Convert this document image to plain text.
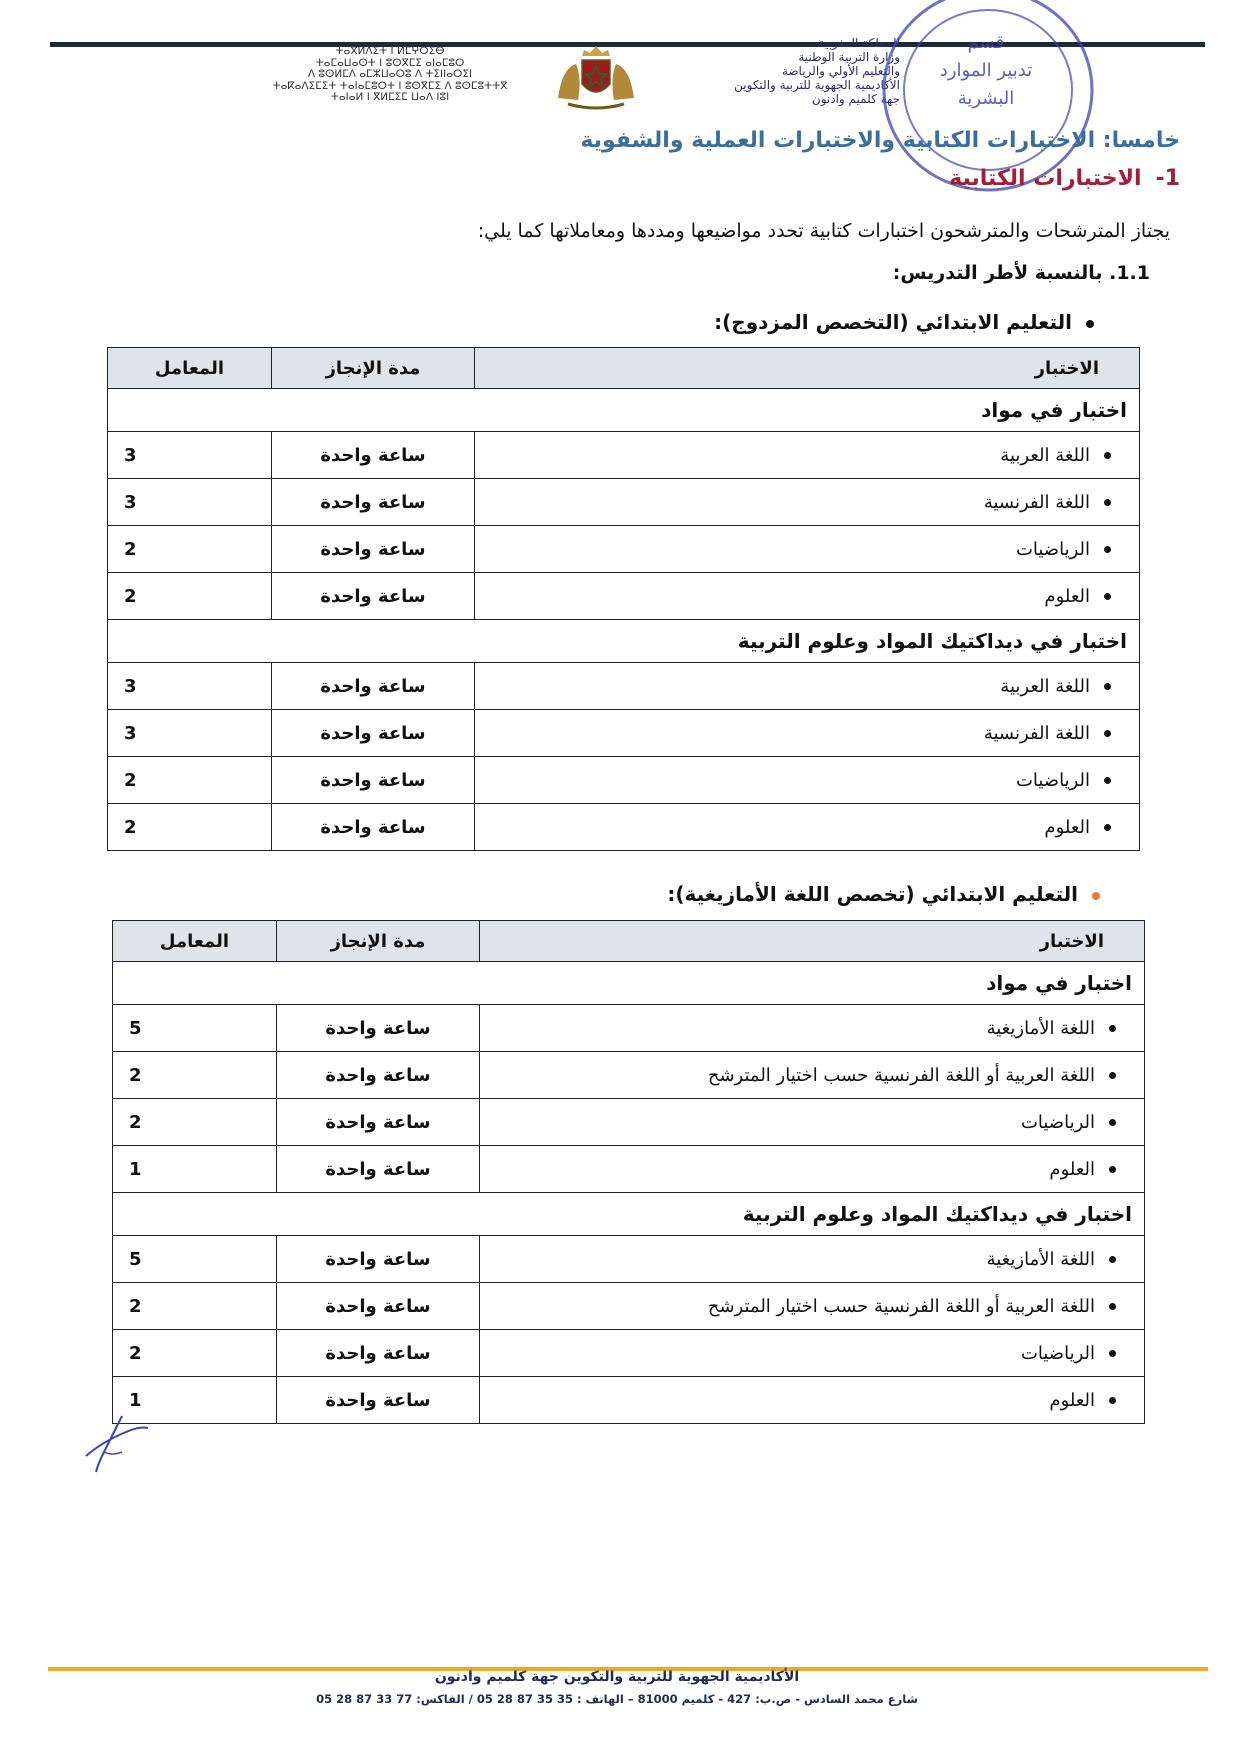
ⵜⴰⴳⵍⴷⵉⵜ ⵏ ⵍⵎⵖⵔⵉⴱ
ⵜⴰⵎⴰⵡⴰⵙⵜ ⵏ ⵓⵙⴳⵎⵉ ⴰⵏⴰⵎⵓⵔ
ⴷ ⵓⵙⵍⵎⴷ ⴰⵎⵣⵡⴰⵔⵓ ⴷ ⵜⵉⵏⵏⴰⵔⵉⵏ
ⵜⴰⴽⴰⴷⵉⵎⵉⵜ ⵜⴰⵏⴰⵎⵓⵔⵜ ⵏ ⵓⵙⴳⵎⵉ ⴷ ⵓⵙⵎⵓⵜⵜⴳ
ⵜⴰⵏⴰⵍ ⵏ ⴳⵍⵎⵉⵎ ⵡⴰⴷ ⵏⵓⵏ
المملكة المغربية
وزارة التربية الوطنية
والتعليم الأولي والرياضة
الأكاديمية الجهوية للتربية والتكوين
جهة كلميم وادنون
قسم
تدبير الموارد
البشرية
خامسا: الاختبارات الكتابية والاختبارات العملية والشفوية
1-الاختبارات الكتابية
يجتاز المترشحات والمترشحون اختبارات كتابية تحدد مواضيعها ومددها ومعاملاتها كما يلي:
1.1. بالنسبة لأطر التدريس:
التعليم الابتدائي (التخصص المزدوج):
الاختبار	مدة الإنجاز	المعامل
اختبار في مواد		
اللغة العربية	ساعة واحدة	3
اللغة الفرنسية	ساعة واحدة	3
الرياضيات	ساعة واحدة	2
العلوم	ساعة واحدة	2
اختبار في ديداكتيك المواد وعلوم التربية		
اللغة العربية	ساعة واحدة	3
اللغة الفرنسية	ساعة واحدة	3
الرياضيات	ساعة واحدة	2
العلوم	ساعة واحدة	2
التعليم الابتدائي (تخصص اللغة الأمازيغية):
الاختبار	مدة الإنجاز	المعامل
اختبار في مواد		
اللغة الأمازيغية	ساعة واحدة	5
اللغة العربية أو اللغة الفرنسية حسب اختيار المترشح	ساعة واحدة	2
الرياضيات	ساعة واحدة	2
العلوم	ساعة واحدة	1
اختبار في ديداكتيك المواد وعلوم التربية		
اللغة الأمازيغية	ساعة واحدة	5
اللغة العربية أو اللغة الفرنسية حسب اختيار المترشح	ساعة واحدة	2
الرياضيات	ساعة واحدة	2
العلوم	ساعة واحدة	1
الأكاديمية الجهوية للتربية والتكوين جهة كلميم وادنون
شارع محمد السادس - ص.ب: 427 - كلميم 81000 – الهاتف : 35 35 87 28 05 / الفاكس: 77 33 87 28 05
